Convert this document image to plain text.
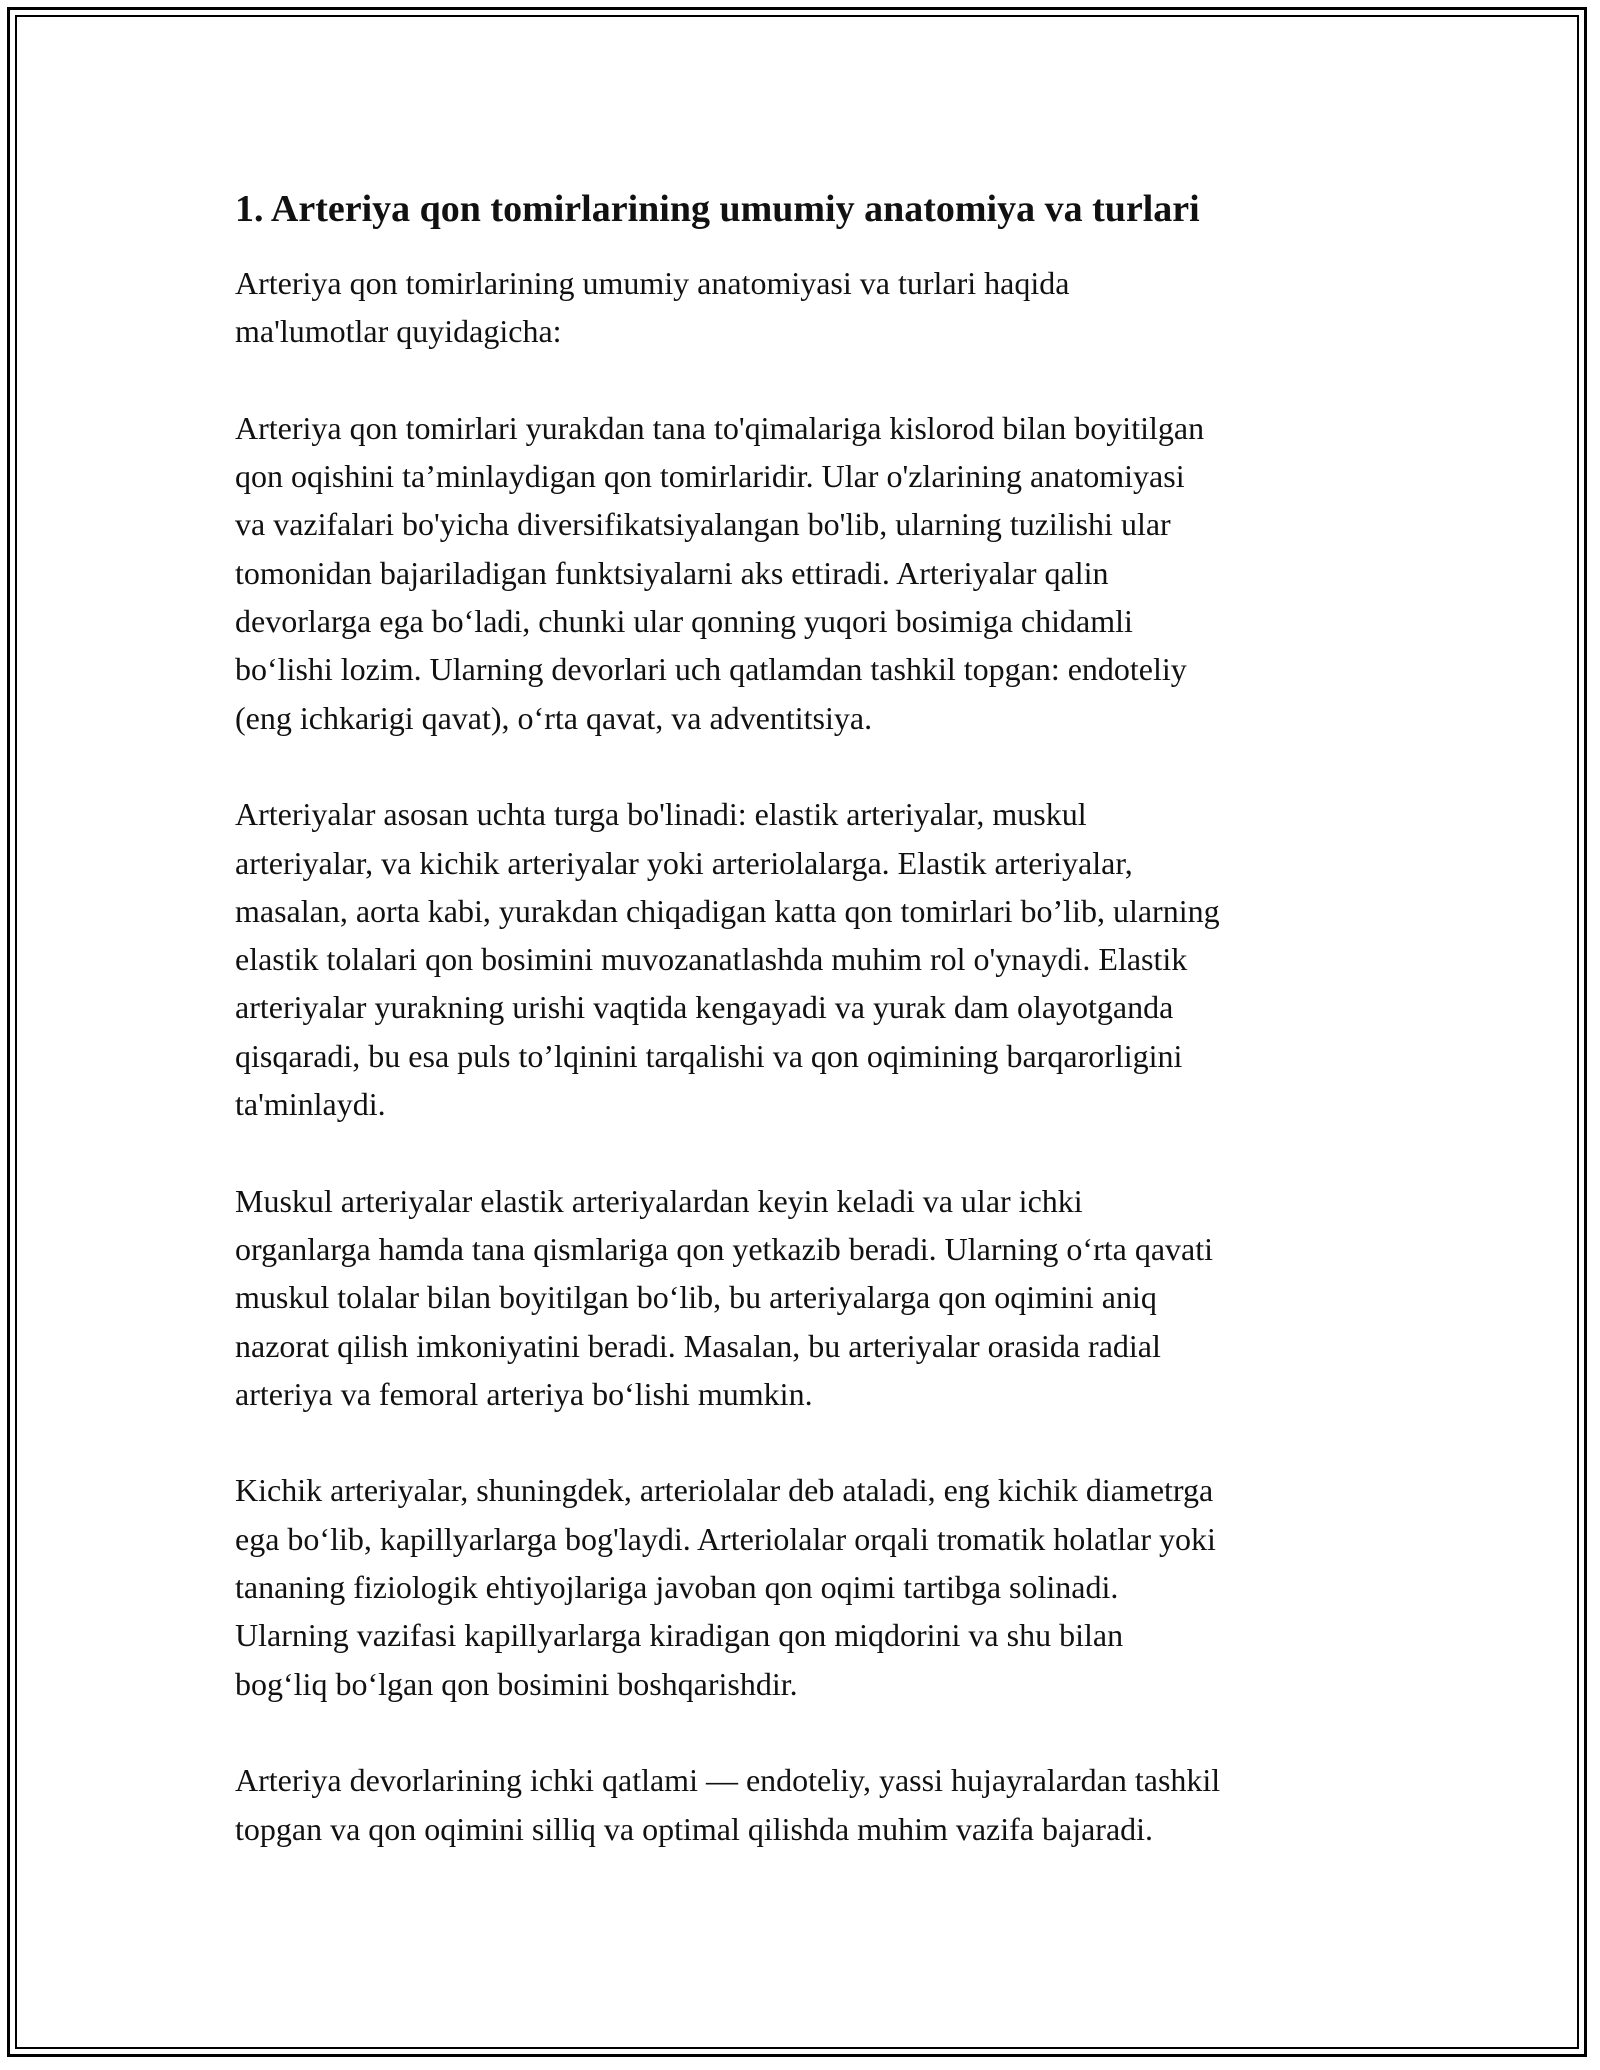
1. Arteriya qon tomirlarining umumiy anatomiya va turlari

Arteriya qon tomirlarining umumiy anatomiyasi va turlari haqida
ma'lumotlar quyidagicha:

Arteriya qon tomirlari yurakdan tana to'qimalariga kislorod bilan boyitilgan
qon oqishini ta’minlaydigan qon tomirlaridir. Ular o'zlarining anatomiyasi
va vazifalari bo'yicha diversifikatsiyalangan bo'lib, ularning tuzilishi ular
tomonidan bajariladigan funktsiyalarni aks ettiradi. Arteriyalar qalin
devorlarga ega bo‘ladi, chunki ular qonning yuqori bosimiga chidamli
bo‘lishi lozim. Ularning devorlari uch qatlamdan tashkil topgan: endoteliy
(eng ichkarigi qavat), o‘rta qavat, va adventitsiya.

Arteriyalar asosan uchta turga bo'linadi: elastik arteriyalar, muskul
arteriyalar, va kichik arteriyalar yoki arteriolalarga. Elastik arteriyalar,
masalan, aorta kabi, yurakdan chiqadigan katta qon tomirlari bo’lib, ularning
elastik tolalari qon bosimini muvozanatlashda muhim rol o'ynaydi. Elastik
arteriyalar yurakning urishi vaqtida kengayadi va yurak dam olayotganda
qisqaradi, bu esa puls to’lqinini tarqalishi va qon oqimining barqarorligini
ta'minlaydi.

Muskul arteriyalar elastik arteriyalardan keyin keladi va ular ichki
organlarga hamda tana qismlariga qon yetkazib beradi. Ularning o‘rta qavati
muskul tolalar bilan boyitilgan bo‘lib, bu arteriyalarga qon oqimini aniq
nazorat qilish imkoniyatini beradi. Masalan, bu arteriyalar orasida radial
arteriya va femoral arteriya bo‘lishi mumkin.

Kichik arteriyalar, shuningdek, arteriolalar deb ataladi, eng kichik diametrga
ega bo‘lib, kapillyarlarga bog'laydi. Arteriolalar orqali tromatik holatlar yoki
tananing fiziologik ehtiyojlariga javoban qon oqimi tartibga solinadi.
Ularning vazifasi kapillyarlarga kiradigan qon miqdorini va shu bilan
bog‘liq bo‘lgan qon bosimini boshqarishdir.

Arteriya devorlarining ichki qatlami — endoteliy, yassi hujayralardan tashkil
topgan va qon oqimini silliq va optimal qilishda muhim vazifa bajaradi.
